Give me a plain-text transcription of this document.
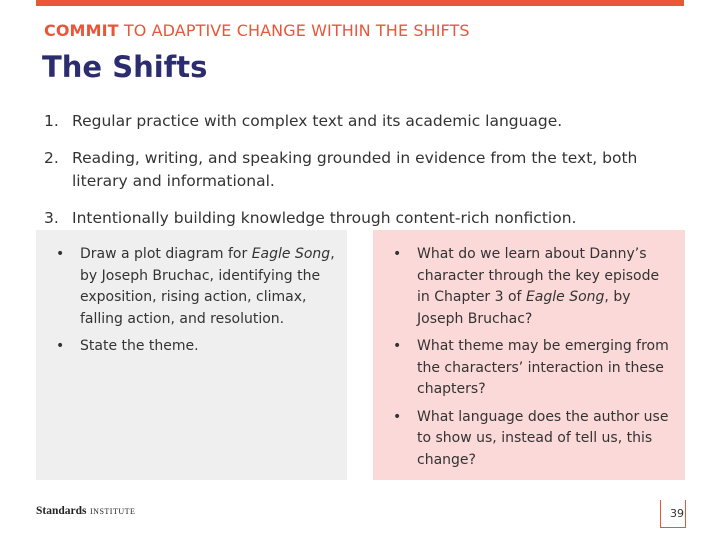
COMMIT TO ADAPTIVE CHANGE WITHIN THE SHIFTS
The Shifts
1. Regular practice with complex text and its academic language.
2. Reading, writing, and speaking grounded in evidence from the text, both literary and informational.
3. Intentionally building knowledge through content-rich nonfiction.
• Draw a plot diagram for Eagle Song, by Joseph Bruchac, identifying the exposition, rising action, climax, falling action, and resolution.
• State the theme.
• What do we learn about Danny’s character through the key episode in Chapter 3 of Eagle Song, by Joseph Bruchac?
• What theme may be emerging from the characters’ interaction in these chapters?
• What language does the author use to show us, instead of tell us, this change?
Standards INSTITUTE	39
